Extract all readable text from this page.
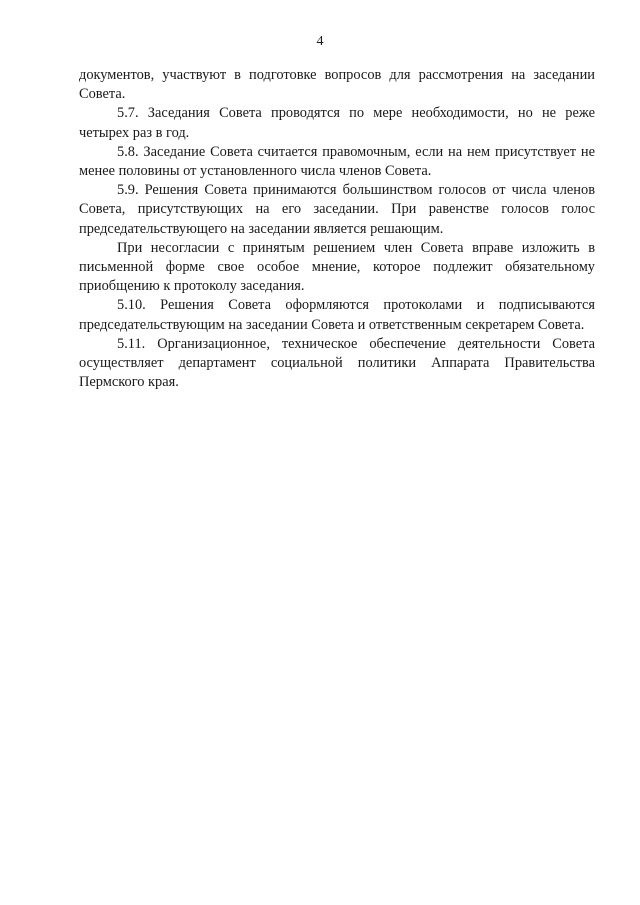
4

документов, участвуют в подготовке вопросов для рассмотрения на заседании Совета.

5.7. Заседания Совета проводятся по мере необходимости, но не реже четырех раз в год.

5.8. Заседание Совета считается правомочным, если на нем присутствует не менее половины от установленного числа членов Совета.

5.9. Решения Совета принимаются большинством голосов от числа членов Совета, присутствующих на его заседании. При равенстве голосов голос председательствующего на заседании является решающим.

При несогласии с принятым решением член Совета вправе изложить в письменной форме свое особое мнение, которое подлежит обязательному приобщению к протоколу заседания.

5.10. Решения Совета оформляются протоколами и подписываются председательствующим на заседании Совета и ответственным секретарем Совета.

5.11. Организационное, техническое обеспечение деятельности Совета осуществляет департамент социальной политики Аппарата Правительства Пермского края.
